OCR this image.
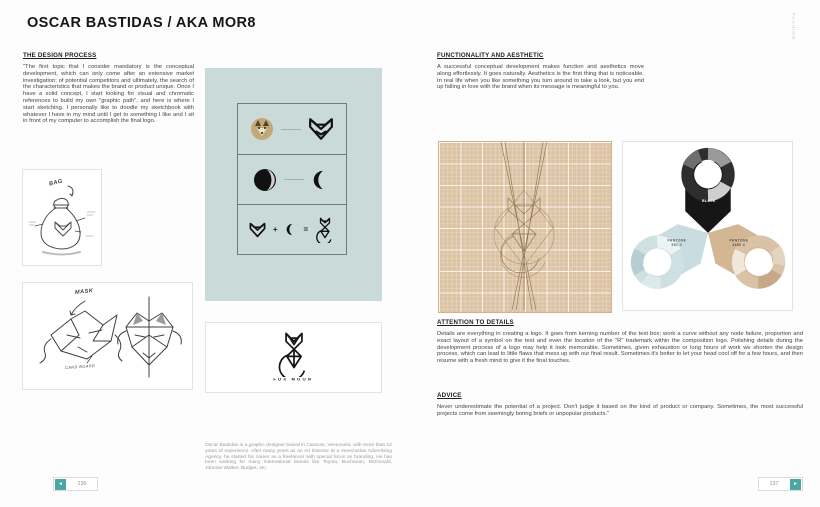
OSCAR BASTIDAS / AKA MOR8
THE DESIGN PROCESS

"The first topic that I consider mandatory is the conceptual development, which can only come after an extensive market investigation; of potential competitors and ultimately, the search of the characteristics that makes the brand or product unique. Once I have a solid concept, I start looking for visual and chromatic references to build my own "graphic path", and here is where I start sketching. I personally like to doodle my sketchbook with whatever I have in my mind until I get to something I like and I sit in front of my computer to accomplish the final logo.

BAG
MASK
CARD BOARD
+	=
FOX MOON
Oscar Bastidas is a graphic designer based in Caracas, Venezuela, with more than 12 years of experience. After many years as an Art Director at a Venezuelan Advertising Agency, he started his career as a freelancer with special focus on branding. He has been working for many international brands like Toyota, Buchanan, McDonald, Johnnie Walker, Budget, etc.
FUNCTIONALITY AND AESTHETIC

A successful conceptual development makes function and aesthetics move along effortlessly. It goes naturally. Aesthetics is the first thing that is noticeable. In real life when you like something you turn around to take a look, but you end up falling in love with the brand when its message is meaningful to you.

BLACK
PANTONE
551 C
PANTONE
4685 C
ATTENTION TO DETAILS

Details are everything in creating a logo. It goes from kerning number of the text box; work a curve without any node failure, proportion and exact layout of a symbol on the text and even the location of the "R" trademark within the composition logo. Polishing details during the development process of a logo may help it look memorable. Sometimes, given exhaustion or long hours of work we shorten the design process, which can lead to little flaws that mess up with our final result. Sometimes it's better to let your head cool off for a few hours, and then resume with a fresh mind to give it the final touches.

ADVICE

Never underestimate the potential of a project. Don't judge it based on the kind of product or company. Sometimes, the most successful projects come from seemingly boring briefs or unpopular products."

FASHION
◄	136	137	►
